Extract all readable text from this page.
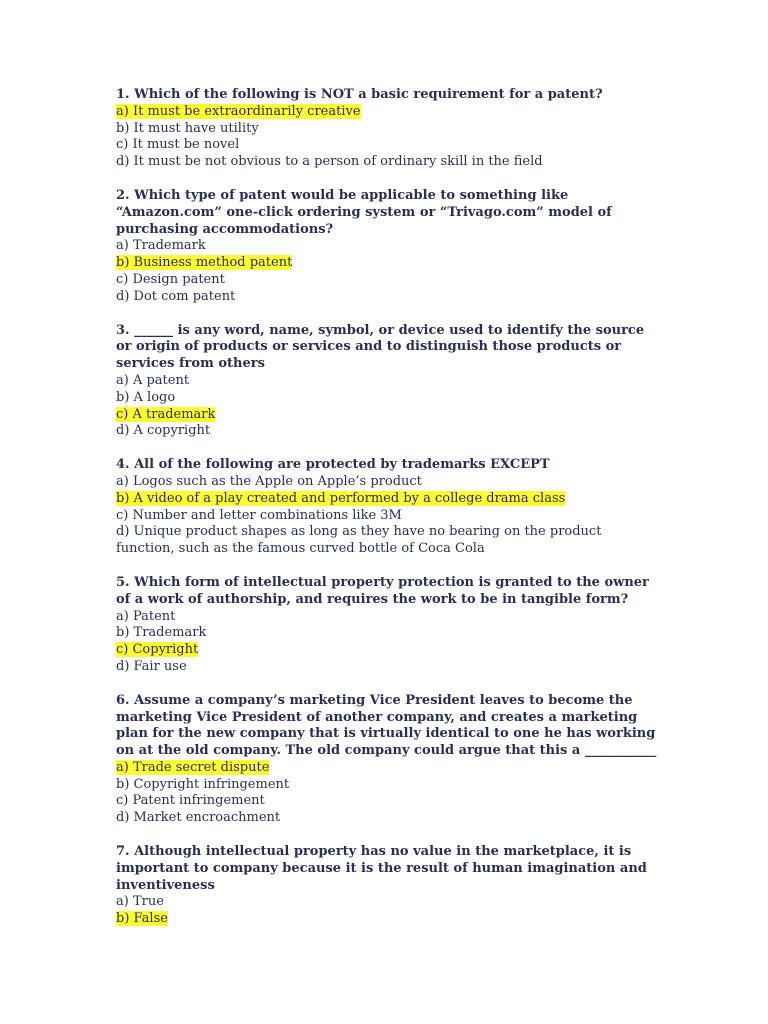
1. Which of the following is NOT a basic requirement for a patent?
a) It must be extraordinarily creative
b) It must have utility
c) It must be novel
d) It must be not obvious to a person of ordinary skill in the field
2. Which type of patent would be applicable to something like “Amazon.com” one-click ordering system or “Trivago.com” model of purchasing accommodations?
a) Trademark
b) Business method patent
c) Design patent
d) Dot com patent
3. ______ is any word, name, symbol, or device used to identify the source or origin of products or services and to distinguish those products or services from others
a) A patent
b) A logo
c) A trademark
d) A copyright
4. All of the following are protected by trademarks EXCEPT
a) Logos such as the Apple on Apple’s product
b) A video of a play created and performed by a college drama class
c) Number and letter combinations like 3M
d) Unique product shapes as long as they have no bearing on the product function, such as the famous curved bottle of Coca Cola
5. Which form of intellectual property protection is granted to the owner of a work of authorship, and requires the work to be in tangible form?
a) Patent
b) Trademark
c) Copyright
d) Fair use
6. Assume a company’s marketing Vice President leaves to become the marketing Vice President of another company, and creates a marketing plan for the new company that is virtually identical to one he has working on at the old company. The old company could argue that this a ___________
a) Trade secret dispute
b) Copyright infringement
c) Patent infringement
d) Market encroachment
7. Although intellectual property has no value in the marketplace, it is important to company because it is the result of human imagination and inventiveness
a) True
b) False
